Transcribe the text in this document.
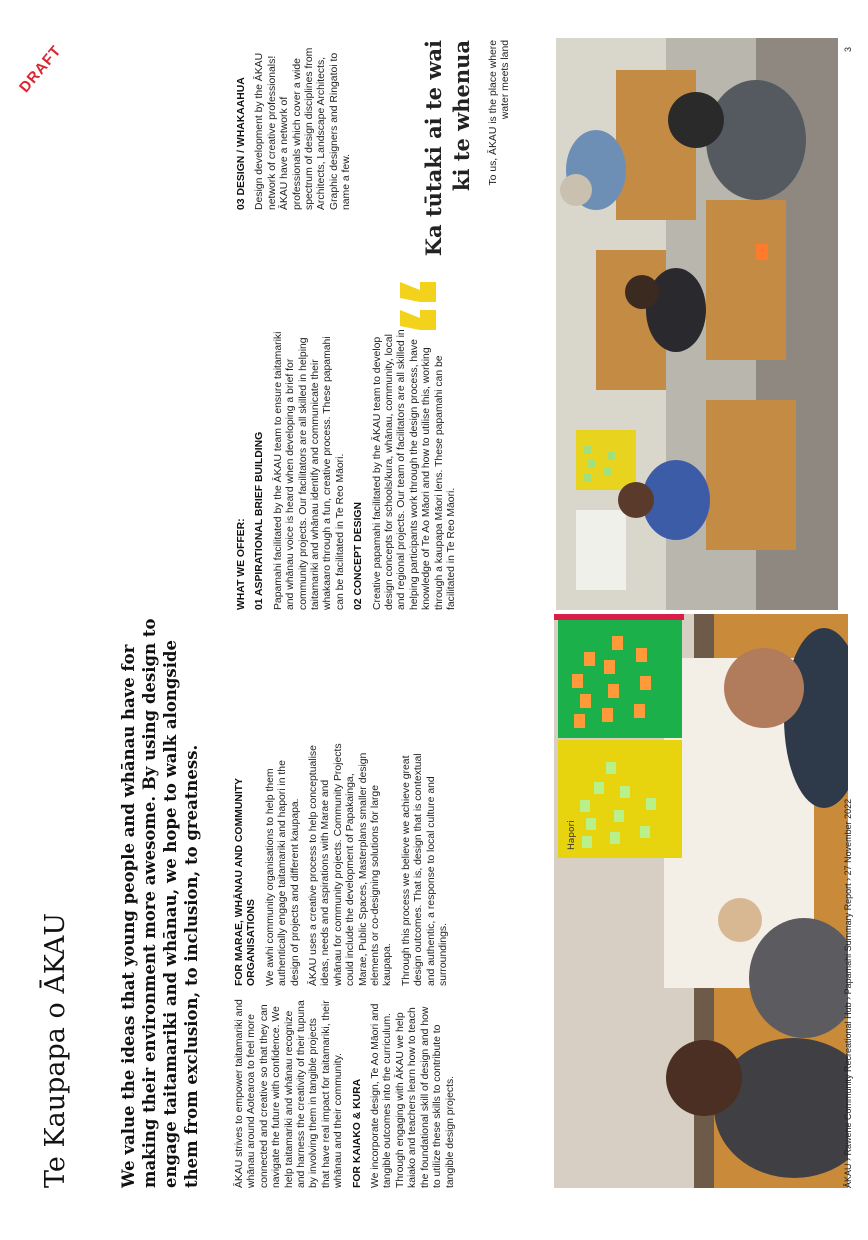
DRAFT
Te Kaupapa o ĀKAU	We value the ideas that young people and whānau have for making their environment more awesome. By using design to engage taitamariki and whānau, we hope to walk alongside them from exclusion, to inclusion, to greatness.	ĀKAU strives to empower taitamariki and whānau around Aotearoa to feel more connected and creative so that they can navigate the future with confidence. We help taitamariki and whānau recognize and harness the creativity of their tupuna by involving them in tangible projects that have real impact for taitamariki, their whānau and their community. FOR KAIAKO & KURA We incorporate design, Te Ao Māori and tangible outcomes into the curriculum. Through engaging with ĀKAU we help kaiako and teachers learn how to teach the foundational skill of design and how to utilize these skills to contribute to tangible design projects.

FOR MARAE, WHĀNAU AND COMMUNITY ORGANISATIONS We awhi community organisations to help them authentically engage taitamariki and hapori in the design of projects and different kaupapa. ĀKAU uses a creative process to help conceptualise ideas, needs and aspirations with Marae and whānau for community projects. Community Projects could include the development of Papakainga, Marae, Public Spaces, Masterplans smaller design elements or co-designing solutions for large kaupapa. Through this process we believe we achieve great design outcomes. That is, design that is contextual and authentic, a response to local culture and surroundings.

WHAT WE OFFER: 01 ASPIRATIONAL BRIEF BUILDING Papamahi facilitated by the ĀKAU team to ensure taitamariki and whānau voice is heard when developing a brief for community projects. Our facilitators are all skilled in helping taitamariki and whānau identify and communicate their whakaaro through a fun, creative process. These papamahi can be facilitated in Te Reo Māori. 02 CONCEPT DESIGN Creative papamahi facilitated by the ĀKAU team to develop design concepts for schools/kura, whānau, community, local and regional projects. Our team of facilitators are all skilled in helping participants work through the design process, have knowledge of Te Ao Māori and how to utilise this, working through a kaupapa Māori lens. These papamahi can be facilitated in Te Reo Māori.

03 DESIGN / WHAKAAHUA Design development by the ĀKAU network of creative professionals! ĀKAU have a network of professionals which cover a wide spectrum of design disciplines from Architects, Landscape Architects, Graphic designers and Ringatoi to name a few.	Ka tūtaki ai te wai ki te whenua To us, ĀKAU is the place where water meets land
Hapori	ĀKAU › Rawene Community Recreational Hub › Papamahi Summary Report › 27 November 2022
3
